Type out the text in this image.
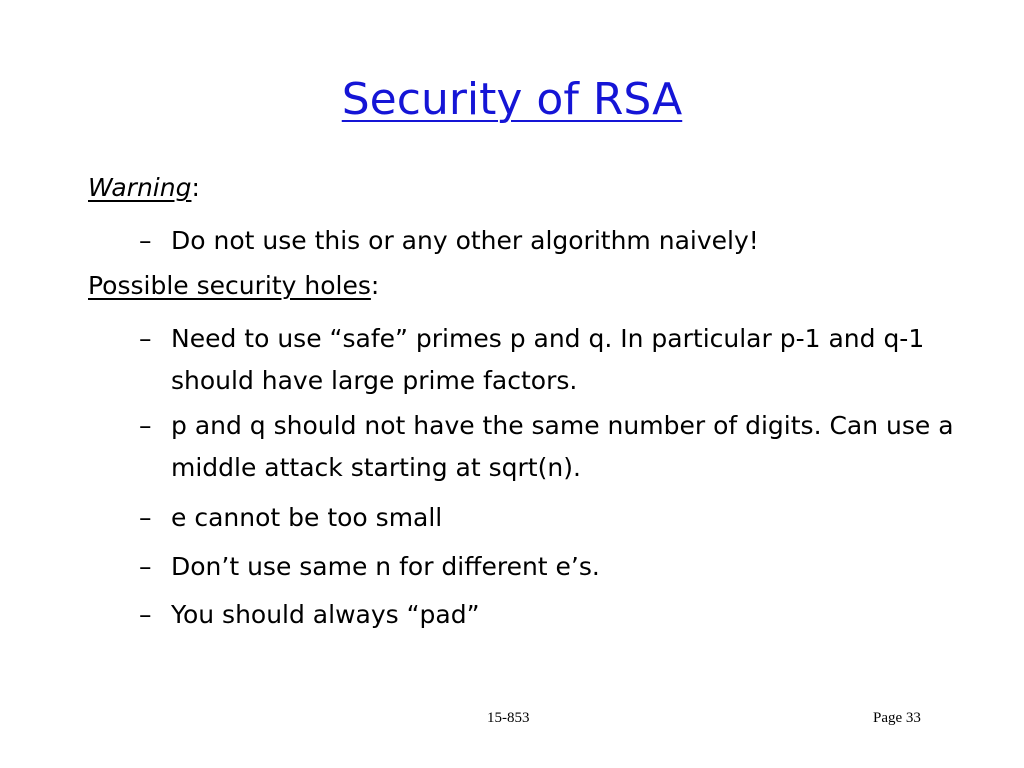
Security of RSA
Warning:
– Do not use this or any other algorithm naively!
Possible security holes:
– Need to use “safe” primes p and q. In particular p-1 and q-1 should have large prime factors.
– p and q should not have the same number of digits. Can use a middle attack starting at sqrt(n).
– e cannot be too small
– Don’t use same n for different e’s.
– You should always “pad”
15-853	Page 33
